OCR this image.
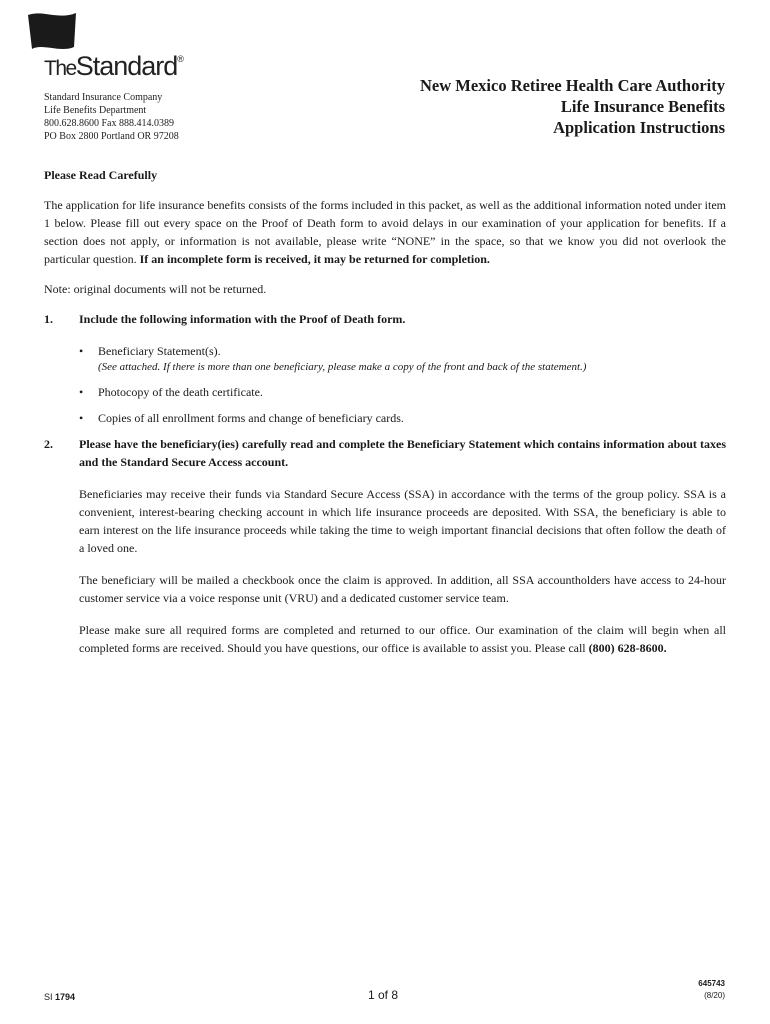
TheStandard®
Standard Insurance Company
Life Benefits Department
800.628.8600 Fax 888.414.0389
PO Box 2800 Portland OR 97208
New Mexico Retiree Health Care Authority
Life Insurance Benefits
Application Instructions

Please Read Carefully

The application for life insurance benefits consists of the forms included in this packet, as well as the additional information noted under item 1 below. Please fill out every space on the Proof of Death form to avoid delays in our examination of your application for benefits. If a section does not apply, or information is not available, please write “NONE” in the space, so that we know you did not overlook the particular question. If an incomplete form is received, it may be returned for completion.

Note: original documents will not be returned.

1. Include the following information with the Proof of Death form.
• Beneficiary Statement(s).
(See attached. If there is more than one beneficiary, please make a copy of the front and back of the statement.)
• Photocopy of the death certificate.
• Copies of all enrollment forms and change of beneficiary cards.
2. Please have the beneficiary(ies) carefully read and complete the Beneficiary Statement which contains information about taxes and the Standard Secure Access account.

Beneficiaries may receive their funds via Standard Secure Access (SSA) in accordance with the terms of the group policy. SSA is a convenient, interest-bearing checking account in which life insurance proceeds are deposited. With SSA, the beneficiary is able to earn interest on the life insurance proceeds while taking the time to weigh important financial decisions that often follow the death of a loved one.

The beneficiary will be mailed a checkbook once the claim is approved. In addition, all SSA accountholders have access to 24-hour customer service via a voice response unit (VRU) and a dedicated customer service team.

Please make sure all required forms are completed and returned to our office. Our examination of the claim will begin when all completed forms are received. Should you have questions, our office is available to assist you. Please call (800) 628-8600.

SI 1794	1 of 8
645743
(8/20)
